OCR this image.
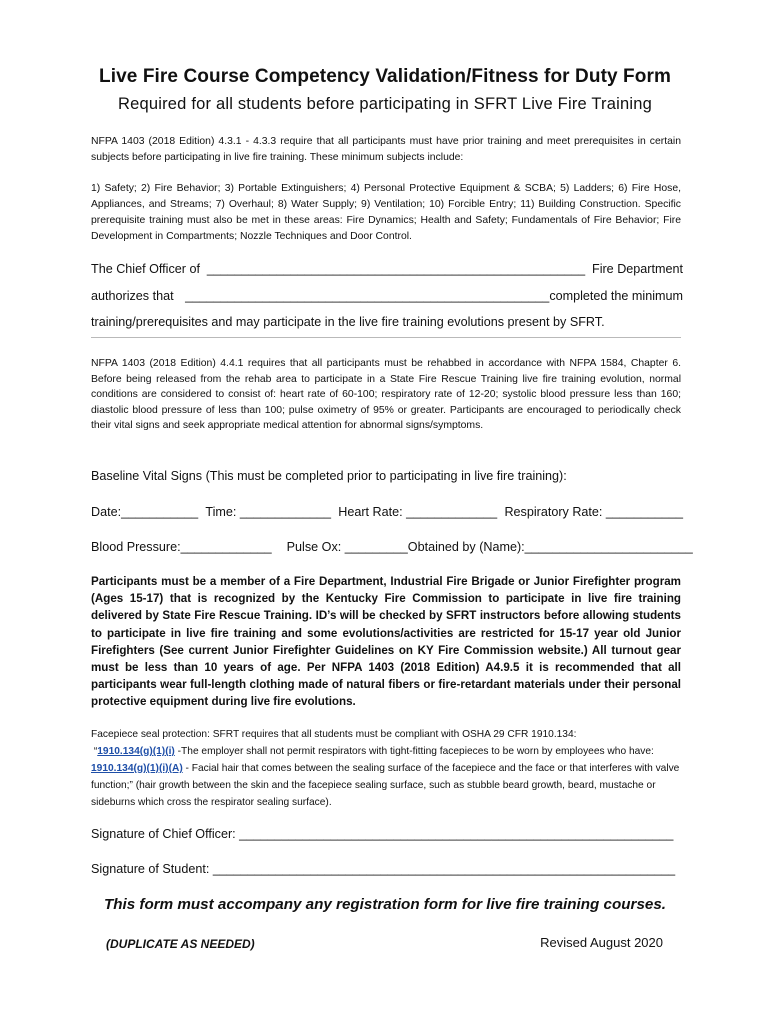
Live Fire Course Competency Validation/Fitness for Duty Form
Required for all students before participating in SFRT Live Fire Training
NFPA 1403 (2018 Edition) 4.3.1 - 4.3.3 require that all participants must have prior training and meet prerequisites in certain subjects before participating in live fire training. These minimum subjects include:
1) Safety; 2) Fire Behavior; 3) Portable Extinguishers; 4) Personal Protective Equipment & SCBA; 5) Ladders; 6) Fire Hose, Appliances, and Streams; 7) Overhaul; 8) Water Supply; 9) Ventilation; 10) Forcible Entry; 11) Building Construction. Specific prerequisite training must also be met in these areas: Fire Dynamics; Health and Safety; Fundamentals of Fire Behavior; Fire Development in Compartments; Nozzle Techniques and Door Control.
The Chief Officer of ______________________________________________________ Fire Department
authorizes that ____________________________________________________completed the minimum
training/prerequisites and may participate in the live fire training evolutions present by SFRT.
NFPA 1403 (2018 Edition) 4.4.1 requires that all participants must be rehabbed in accordance with NFPA 1584, Chapter 6. Before being released from the rehab area to participate in a State Fire Rescue Training live fire training evolution, normal conditions are considered to consist of: heart rate of 60-100; respiratory rate of 12-20; systolic blood pressure less than 160; diastolic blood pressure of less than 100; pulse oximetry of 95% or greater. Participants are encouraged to periodically check their vital signs and seek appropriate medical attention for abnormal signs/symptoms.
Baseline Vital Signs (This must be completed prior to participating in live fire training):
Date:___________ Time: _____________ Heart Rate: _____________ Respiratory Rate: ___________
Blood Pressure:_____________ Pulse Ox: _________Obtained by (Name):________________________
Participants must be a member of a Fire Department, Industrial Fire Brigade or Junior Firefighter program (Ages 15-17) that is recognized by the Kentucky Fire Commission to participate in live fire training delivered by State Fire Rescue Training. ID’s will be checked by SFRT instructors before allowing students to participate in live fire training and some evolutions/activities are restricted for 15-17 year old Junior Firefighters (See current Junior Firefighter Guidelines on KY Fire Commission website.) All turnout gear must be less than 10 years of age. Per NFPA 1403 (2018 Edition) A4.9.5 it is recommended that all participants wear full-length clothing made of natural fibers or fire-retardant materials under their personal protective equipment during live fire evolutions.
Facepiece seal protection: SFRT requires that all students must be compliant with OSHA 29 CFR 1910.134:
“1910.134(g)(1)(i) -The employer shall not permit respirators with tight-fitting facepieces to be worn by employees who have: 1910.134(g)(1)(i)(A) - Facial hair that comes between the sealing surface of the facepiece and the face or that interferes with valve function;” (hair growth between the skin and the facepiece sealing surface, such as stubble beard growth, beard, mustache or sideburns which cross the respirator sealing surface).
Signature of Chief Officer: ______________________________________________________________
Signature of Student: __________________________________________________________________
This form must accompany any registration form for live fire training courses.
(DUPLICATE AS NEEDED)	Revised August 2020
